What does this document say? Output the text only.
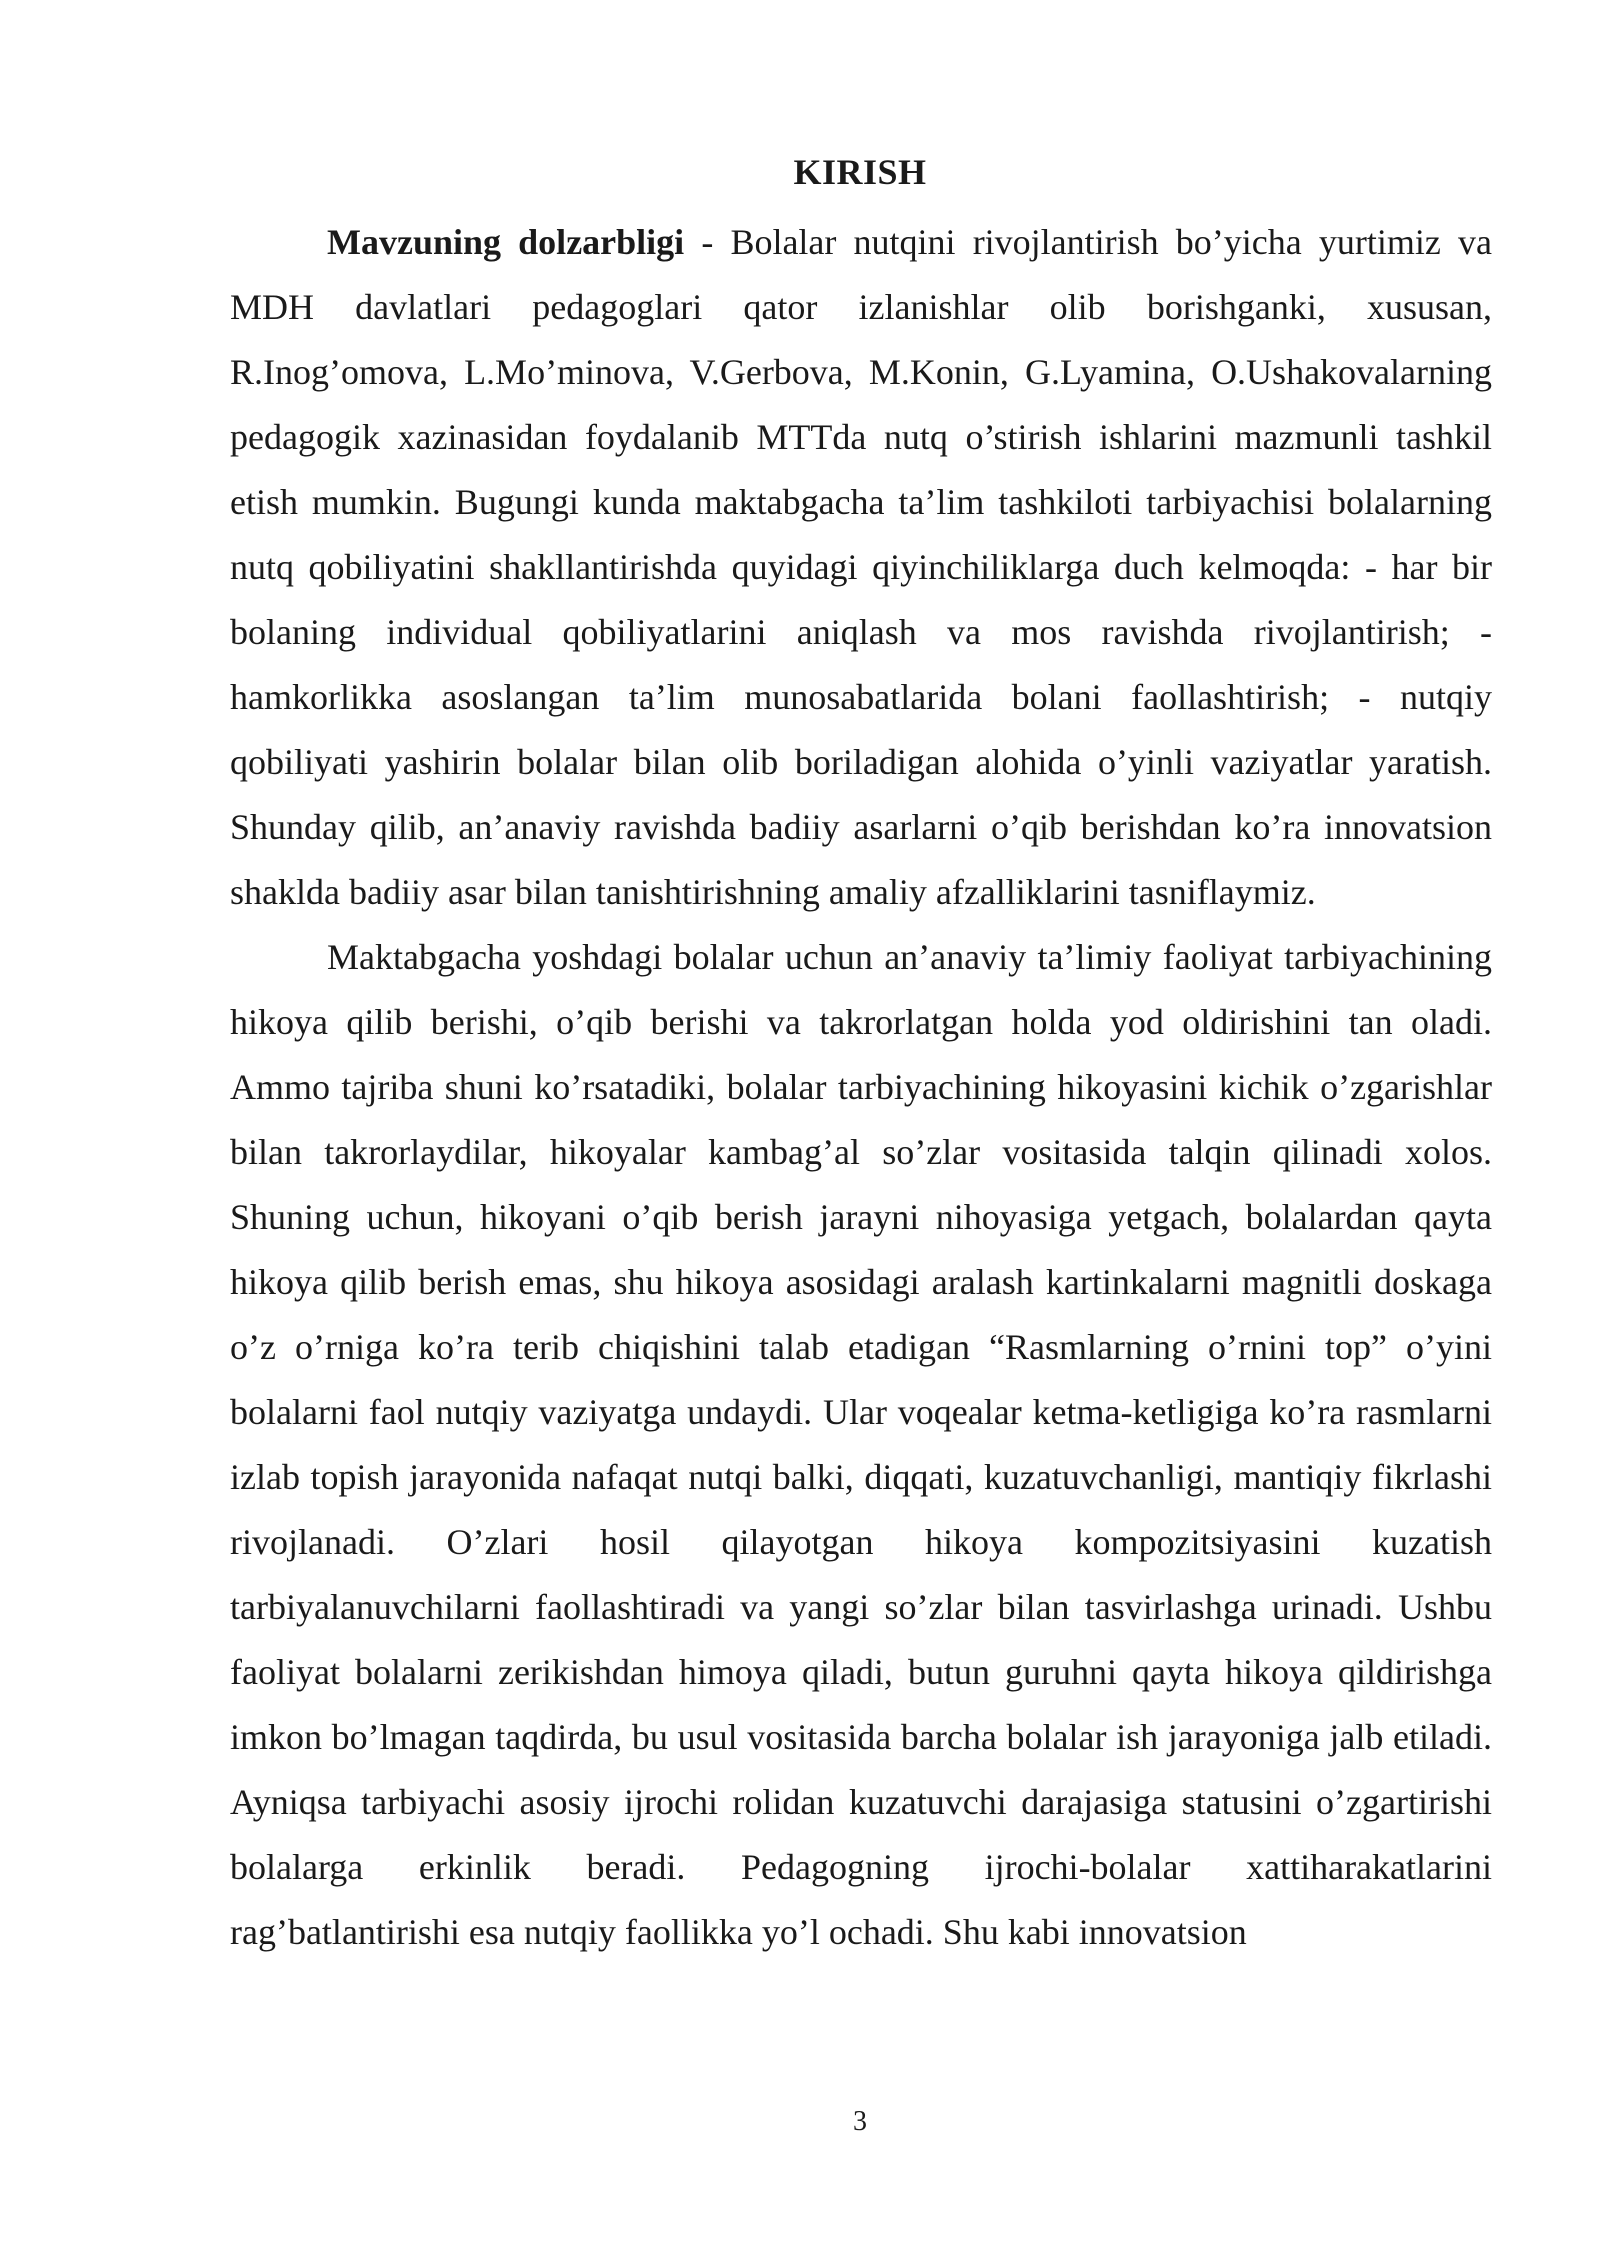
KIRISH

Mavzuning dolzarbligi - Bolalar nutqini rivojlantirish bo’yicha yurtimiz va MDH davlatlari pedagoglari qator izlanishlar olib borishganki, xususan, R.Inog’omova, L.Mo’minova, V.Gerbova, M.Konin, G.Lyamina, O.Ushakovalarning pedagogik xazinasidan foydalanib MTTda nutq o’stirish ishlarini mazmunli tashkil etish mumkin. Bugungi kunda maktabgacha ta’lim tashkiloti tarbiyachisi bolalarning nutq qobiliyatini shakllantirishda quyidagi qiyinchiliklarga duch kelmoqda: - har bir bolaning individual qobiliyatlarini aniqlash va mos ravishda rivojlantirish; - hamkorlikka asoslangan ta’lim munosabatlarida bolani faollashtirish; - nutqiy qobiliyati yashirin bolalar bilan olib boriladigan alohida o’yinli vaziyatlar yaratish. Shunday qilib, an’anaviy ravishda badiiy asarlarni o’qib berishdan ko’ra innovatsion shaklda badiiy asar bilan tanishtirishning amaliy afzalliklarini tasniflaymiz.

Maktabgacha yoshdagi bolalar uchun an’anaviy ta’limiy faoliyat tarbiyachining hikoya qilib berishi, o’qib berishi va takrorlatgan holda yod oldirishini tan oladi. Ammo tajriba shuni ko’rsatadiki, bolalar tarbiyachining hikoyasini kichik o’zgarishlar bilan takrorlaydilar, hikoyalar kambag’al so’zlar vositasida talqin qilinadi xolos. Shuning uchun, hikoyani o’qib berish jarayni nihoyasiga yetgach, bolalardan qayta hikoya qilib berish emas, shu hikoya asosidagi aralash kartinkalarni magnitli doskaga o’z o’rniga ko’ra terib chiqishini talab etadigan “Rasmlarning o’rnini top” o’yini bolalarni faol nutqiy vaziyatga undaydi. Ular voqealar ketma-ketligiga ko’ra rasmlarni izlab topish jarayonida nafaqat nutqi balki, diqqati, kuzatuvchanligi, mantiqiy fikrlashi rivojlanadi. O’zlari hosil qilayotgan hikoya kompozitsiyasini kuzatish tarbiyalanuvchilarni faollashtiradi va yangi so’zlar bilan tasvirlashga urinadi. Ushbu faoliyat bolalarni zerikishdan himoya qiladi, butun guruhni qayta hikoya qildirishga imkon bo’lmagan taqdirda, bu usul vositasida barcha bolalar ish jarayoniga jalb etiladi. Ayniqsa tarbiyachi asosiy ijrochi rolidan kuzatuvchi darajasiga statusini o’zgartirishi bolalarga erkinlik beradi. Pedagogning ijrochi-bolalar xattiharakatlarini rag’batlantirishi esa nutqiy faollikka yo’l ochadi. Shu kabi innovatsion

3
